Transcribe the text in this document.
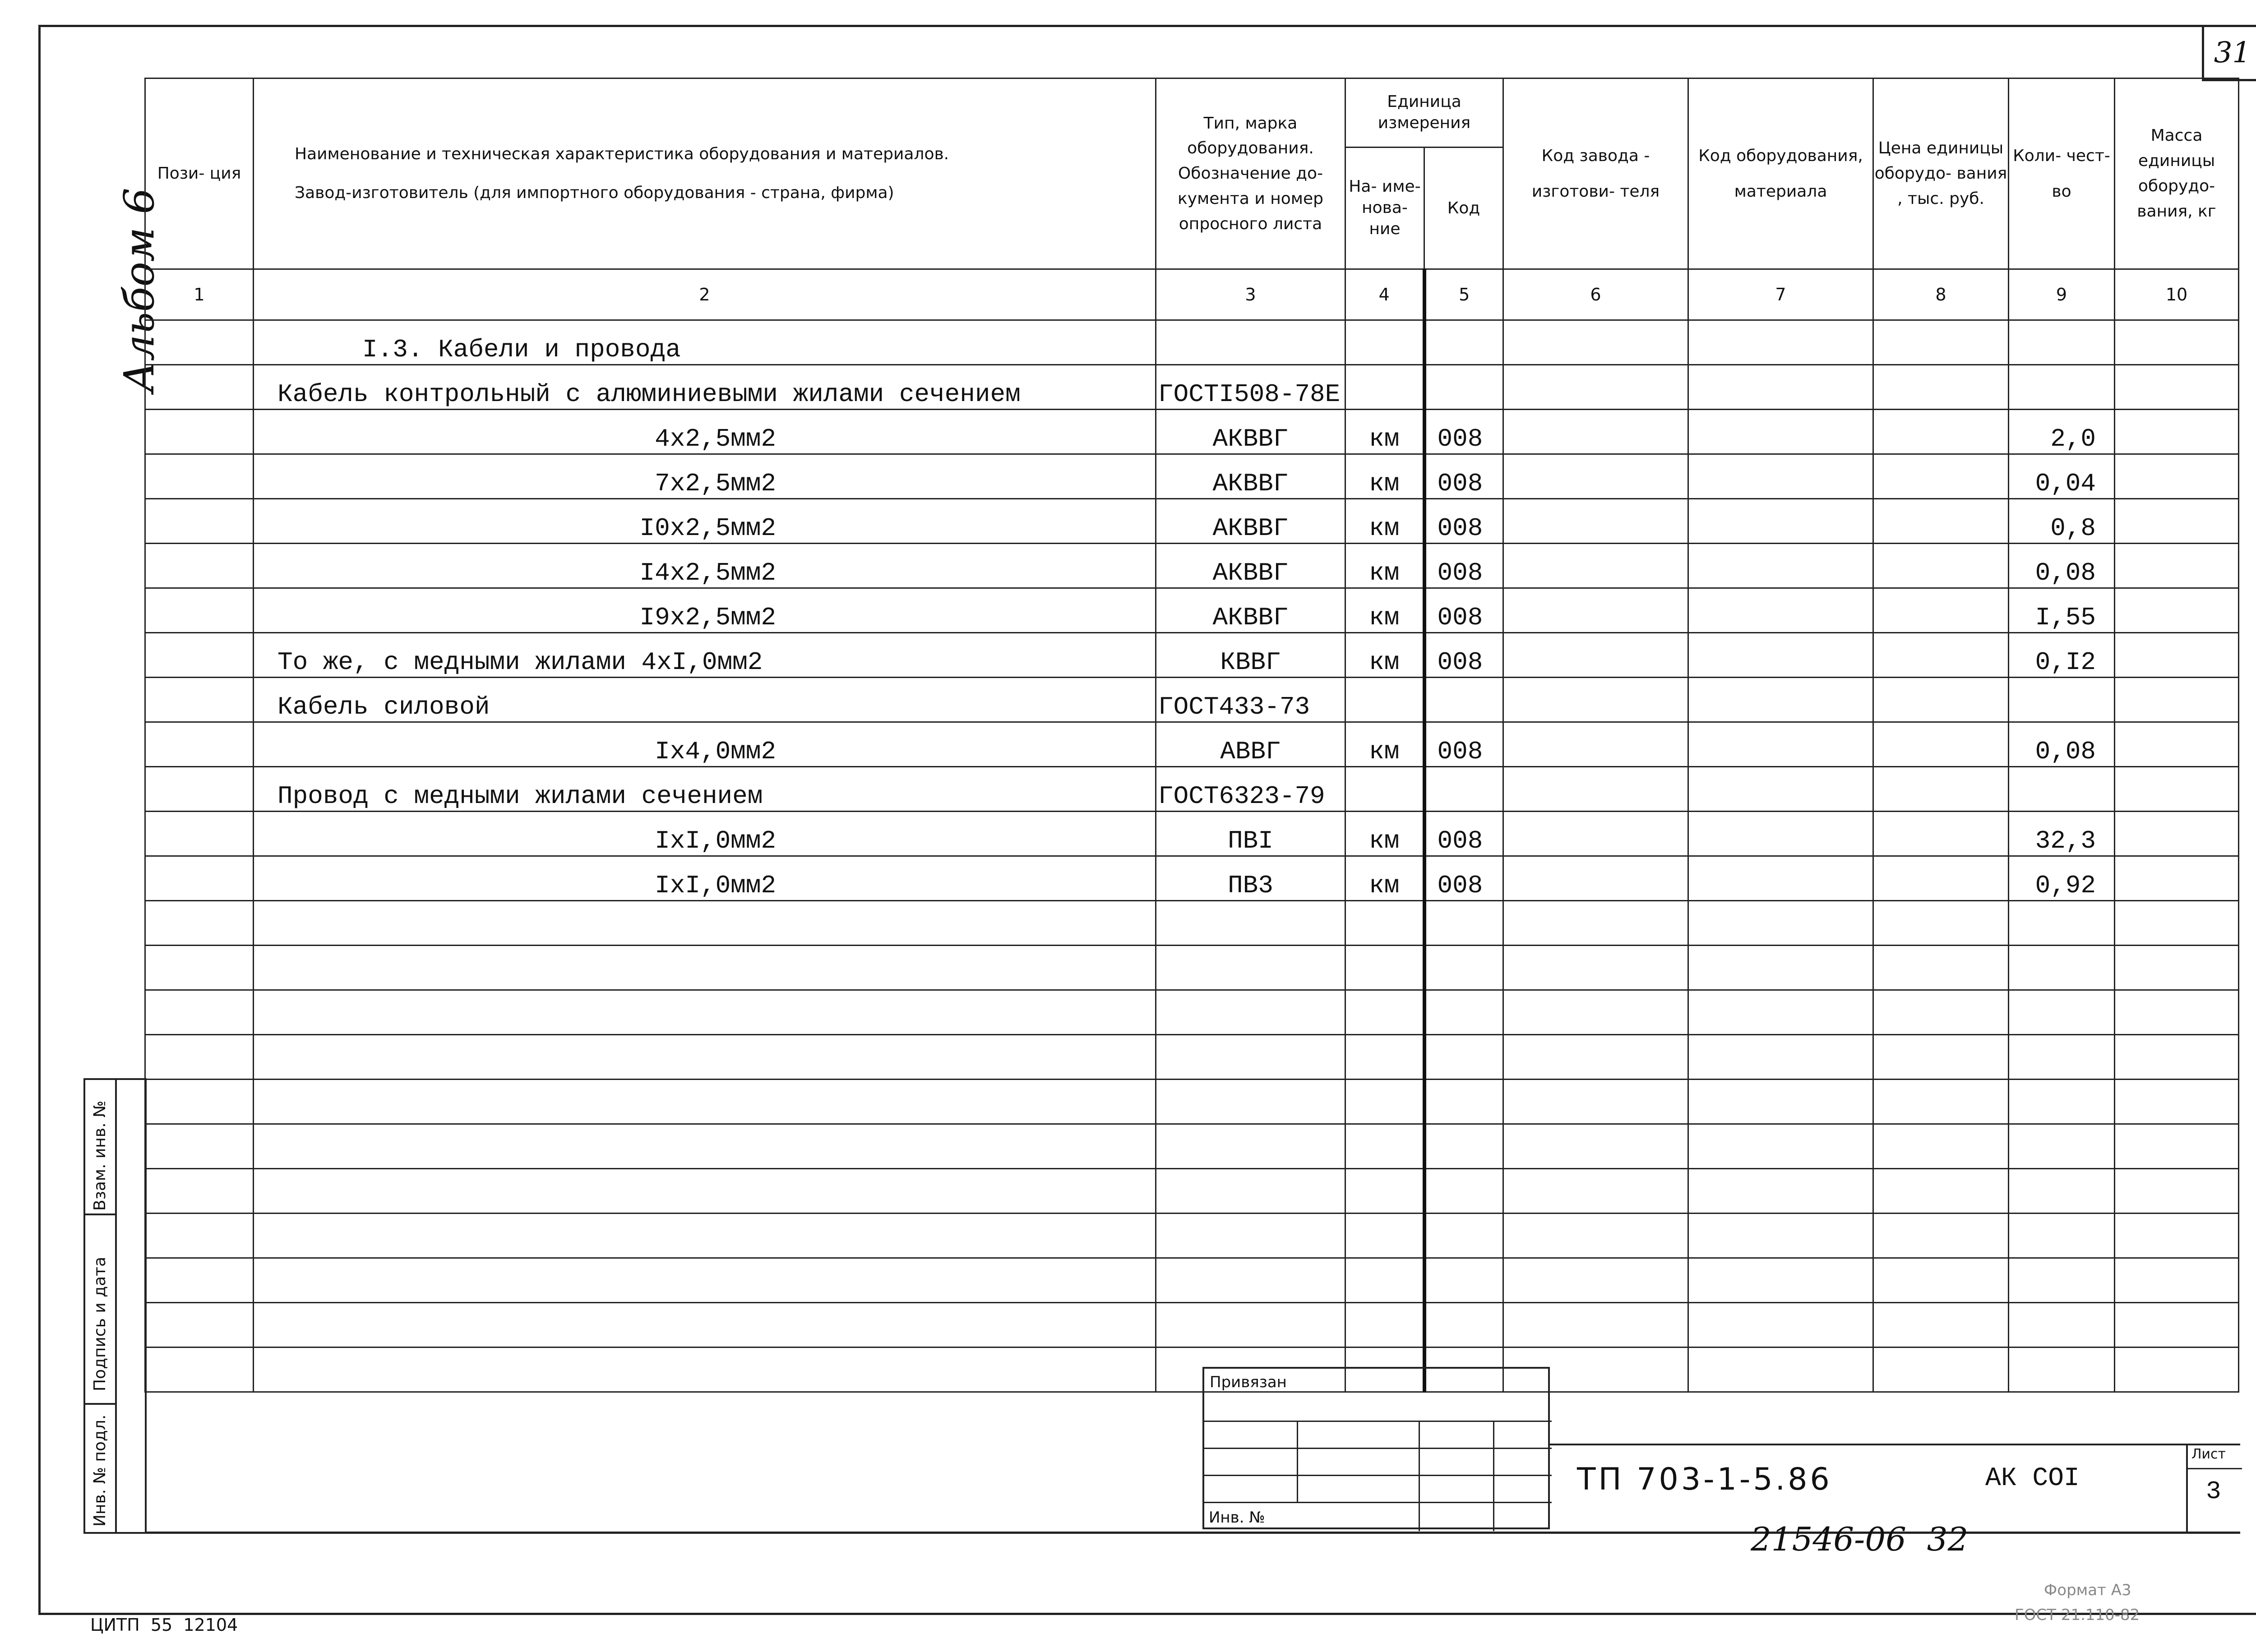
31
Альбом 6
Пози- ция	Наименование и техническая характеристика оборудования и материалов.
Завод-изготовитель (для импортного оборудования - страна, фирма)	Тип, марка оборудования. Обозначение до- кумента и номер опросного листа	Единица измерения		Код завода - изготови- теля	Код оборудования, материала	Цена единицы оборудо- вания , тыс. руб.	Коли- чест- во	Масса единицы оборудо- вания, кг
			На- име- нова- ние	Код					
1	2	3	4	5	6	7	8	9	10
	I.3. Кабели и провода								
	Кабель контрольный с алюминиевыми жилами сечением	ГОСТI508-78Е							
	4х2,5мм2	АКВВГ	км	008				2,0	
	7х2,5мм2	АКВВГ	км	008				0,04	
	I0х2,5мм2	АКВВГ	км	008				0,8	
	I4х2,5мм2	АКВВГ	км	008				0,08	
	I9х2,5мм2	АКВВГ	км	008				I,55	
	То же, с медными жилами 4хI,0мм2	КВВГ	км	008				0,I2	
	Кабель силовой	ГОСТ433-73							
	Iх4,0мм2	АВВГ	км	008				0,08	
	Провод с медными жилами сечением	ГОСТ6323-79							
	IхI,0мм2	ПВI	км	008				32,3	
	IхI,0мм2	ПВ3	км	008				0,92	

Взам. инв. №
Подпись и дата
Инв. № подл.
Привязан
Инв. №
Лист
3
ТП 703-1-5.86	АК СОI
21546-06  32
ЦИТП  55  12104
Формат А3
ГОСТ 21.110-82
